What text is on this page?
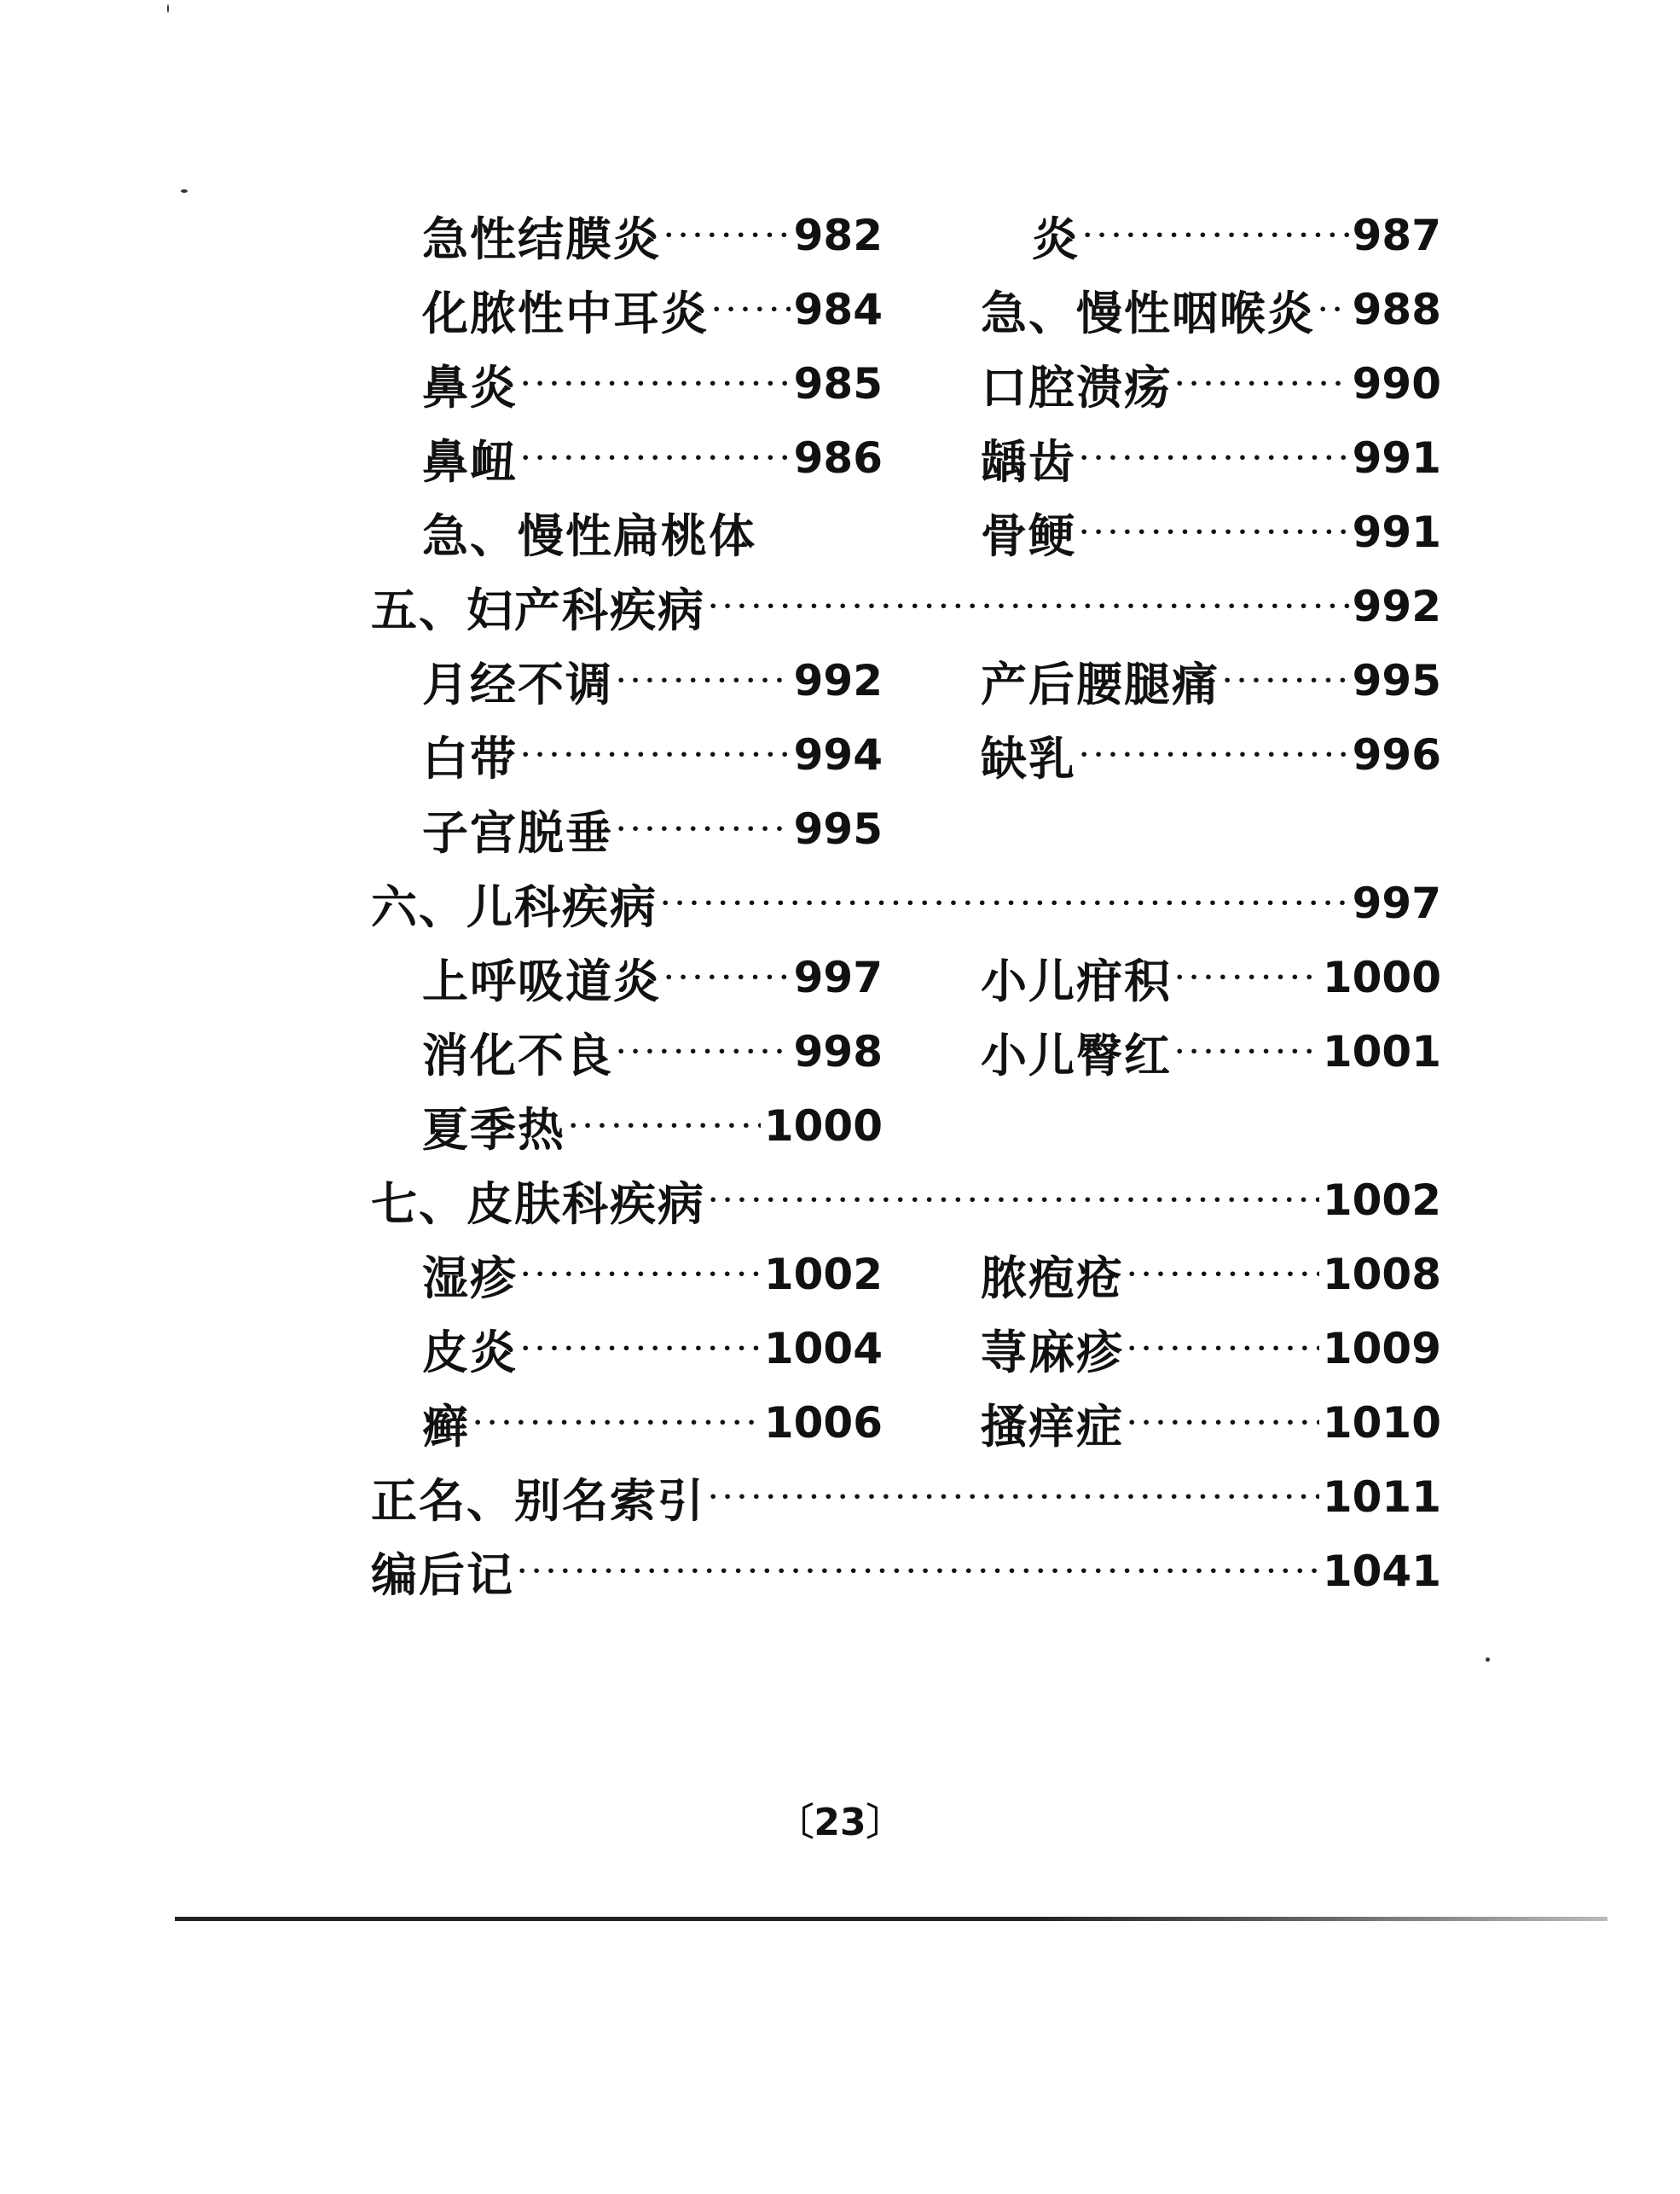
急性结膜炎 · · ·	982	炎 · · ·	987
化脓性中耳炎 · · · 984 急、慢性咽喉炎 · · · 988
鼻炎 · · ·	985 口腔溃疡 · · ·	990
鼻衄 · · ·	986 龋齿 · · ·	991
急、慢性扁桃体	骨鲠 · · ·	991
五、妇产科疾病 · · ·	992
月经不调 · · ·	992 产后腰腿痛 · · ·	995
白带 · · ·	994 缺乳 · · ·	996
子宫脱垂 · · ·	995
六、儿科疾病 · · ·	997
上呼吸道炎 · · ·	997 小儿疳积 · · ·	1000
消化不良 · · ·	998 小儿臀红 · · ·	1001
夏季热 · · ·	1000
七、皮肤科疾病 · · ·	1002
湿疹 · · ·	1002 脓疱疮 · · ·	1008
皮炎 · · ·	1004 荨麻疹 · · ·	1009
癣 · · ·	1006 搔痒症 · · ·	1010
正名、别名索引 · · ·	1011
编后记 · · ·	1041
〔23〕
